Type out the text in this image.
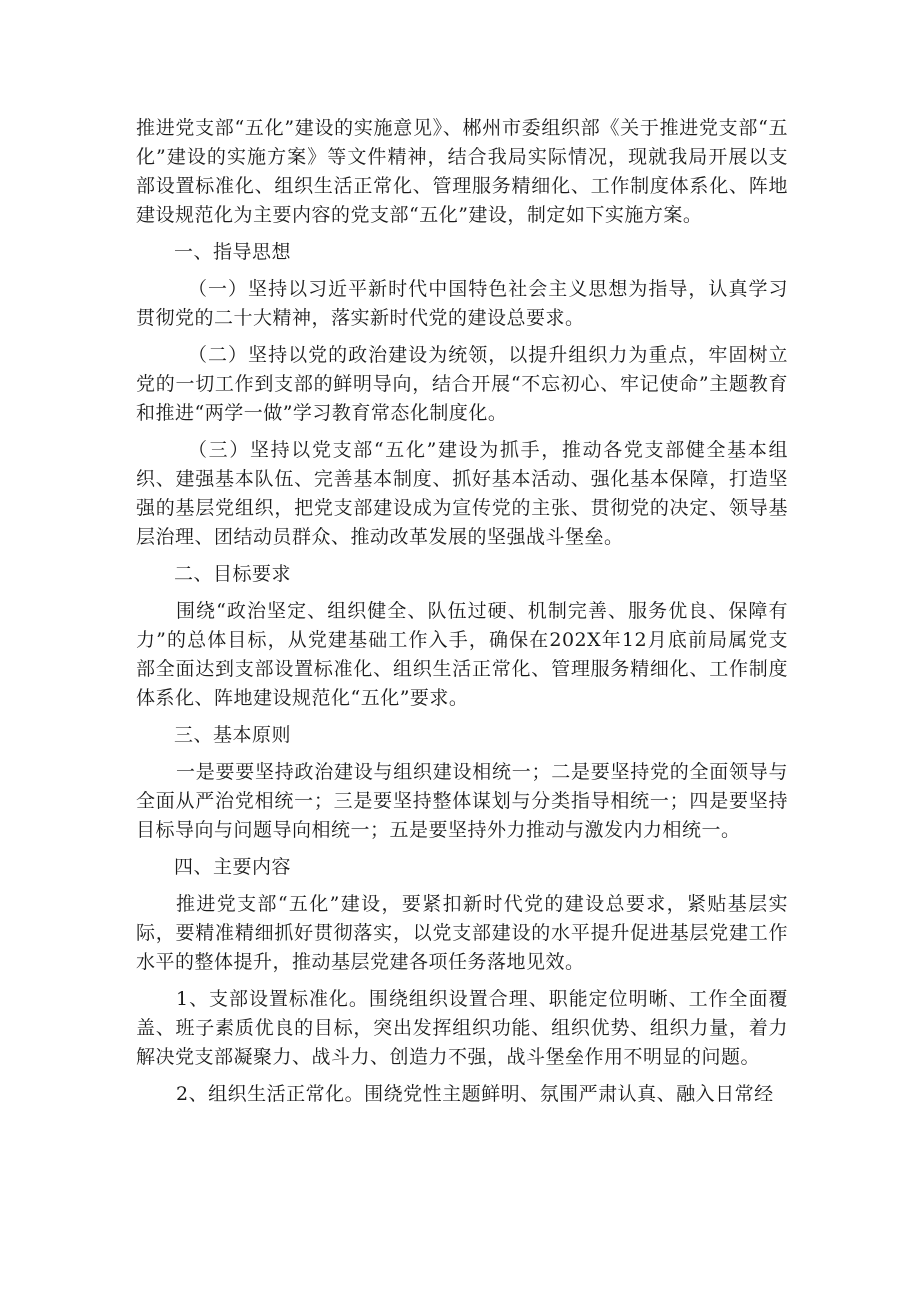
推进党支部“五化”建设的实施意见》、郴州市委组织部《关于推进党支部“五化”建设的实施方案》等文件精神，结合我局实际情况，现就我局开展以支部设置标准化、组织生活正常化、管理服务精细化、工作制度体系化、阵地建设规范化为主要内容的党支部“五化”建设，制定如下实施方案。

一、指导思想

（一）坚持以习近平新时代中国特色社会主义思想为指导，认真学习贯彻党的二十大精神，落实新时代党的建设总要求。

（二）坚持以党的政治建设为统领，以提升组织力为重点，牢固树立党的一切工作到支部的鲜明导向，结合开展“不忘初心、牢记使命”主题教育和推进“两学一做”学习教育常态化制度化。

（三）坚持以党支部“五化”建设为抓手，推动各党支部健全基本组织、建强基本队伍、完善基本制度、抓好基本活动、强化基本保障，打造坚强的基层党组织，把党支部建设成为宣传党的主张、贯彻党的决定、领导基层治理、团结动员群众、推动改革发展的坚强战斗堡垒。

二、目标要求

围绕“政治坚定、组织健全、队伍过硬、机制完善、服务优良、保障有力”的总体目标，从党建基础工作入手，确保在202X年12月底前局属党支部全面达到支部设置标准化、组织生活正常化、管理服务精细化、工作制度体系化、阵地建设规范化“五化”要求。

三、基本原则

一是要要坚持政治建设与组织建设相统一；二是要坚持党的全面领导与全面从严治党相统一；三是要坚持整体谋划与分类指导相统一；四是要坚持目标导向与问题导向相统一；五是要坚持外力推动与激发内力相统一。

四、主要内容

推进党支部“五化”建设，要紧扣新时代党的建设总要求，紧贴基层实际，要精准精细抓好贯彻落实，以党支部建设的水平提升促进基层党建工作水平的整体提升，推动基层党建各项任务落地见效。

1、支部设置标准化。围绕组织设置合理、职能定位明晰、工作全面覆盖、班子素质优良的目标，突出发挥组织功能、组织优势、组织力量，着力解决党支部凝聚力、战斗力、创造力不强，战斗堡垒作用不明显的问题。

2、组织生活正常化。围绕党性主题鲜明、氛围严肃认真、融入日常经
